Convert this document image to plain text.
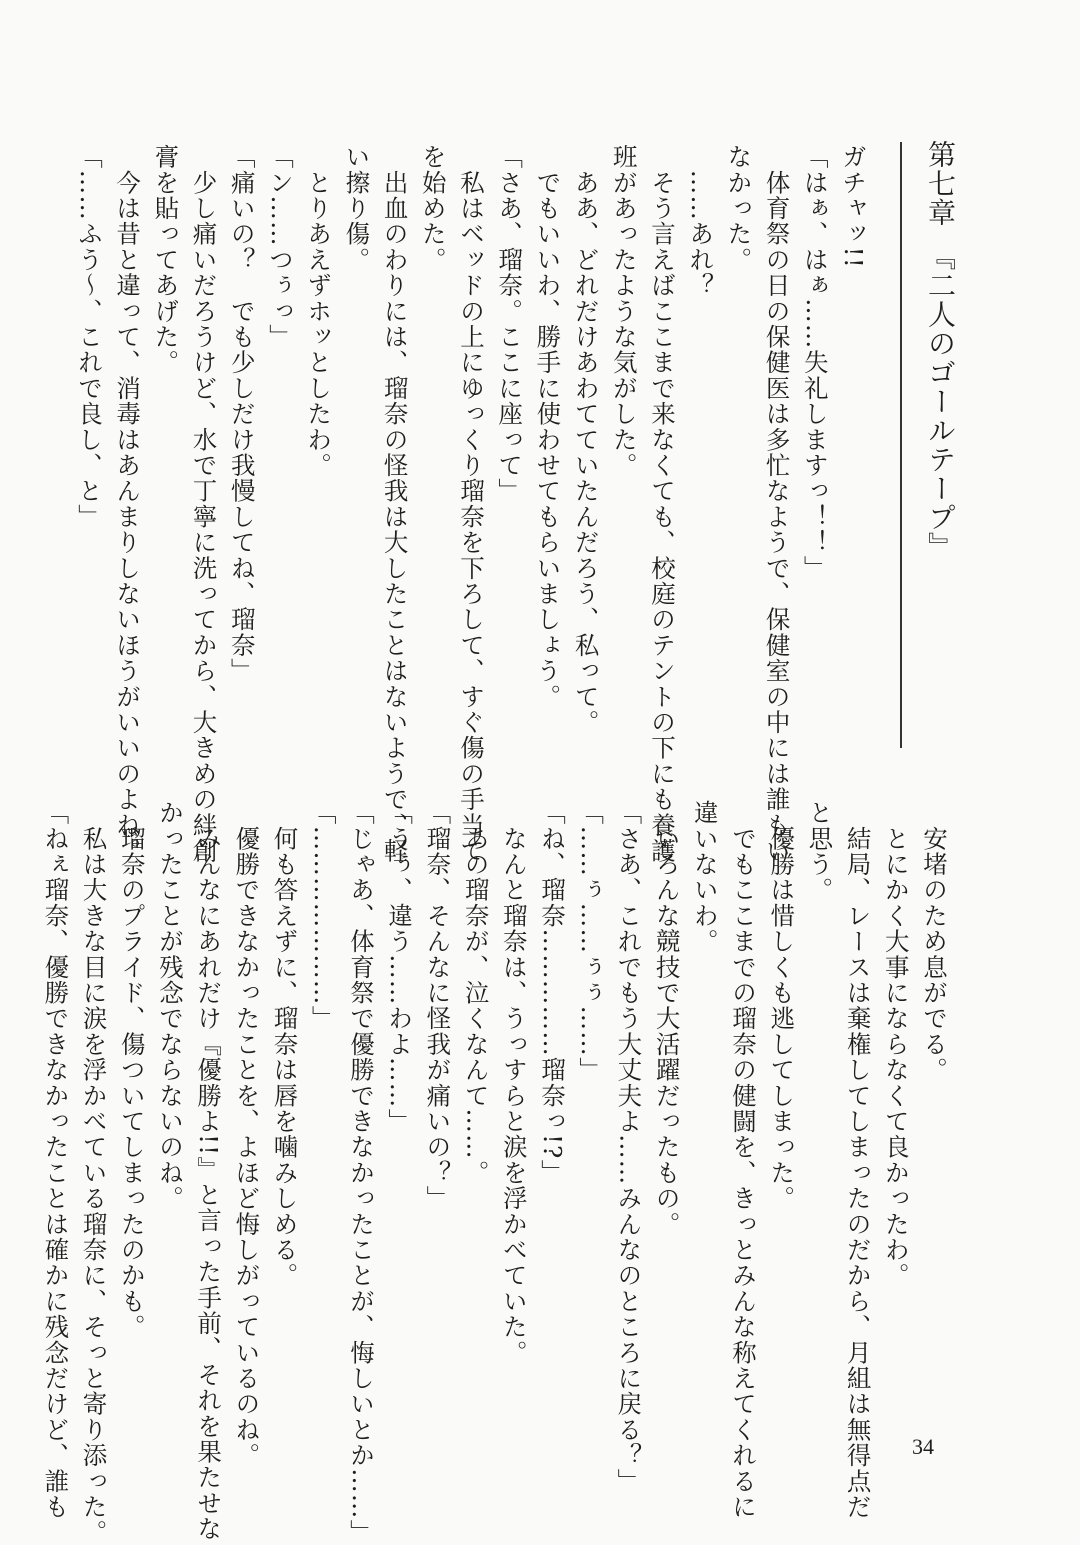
第七章　『二人のゴールテープ』
ガチャッ!!
「はぁ、はぁ……失礼しますっ！！」
　体育祭の日の保健医は多忙なようで、保健室の中には誰もい
なかった。
　……あれ？
　そう言えばここまで来なくても、校庭のテントの下にも養護
班があったような気がした。
　ああ、どれだけあわてていたんだろう、私って。
　でもいいわ、勝手に使わせてもらいましょう。
「さあ、瑠奈。ここに座って」
　私はベッドの上にゆっくり瑠奈を下ろして、すぐ傷の手当て
を始めた。
　出血のわりには、瑠奈の怪我は大したことはないようで、軽
い擦り傷。
　とりあえずホッとしたわ。
「ン……つぅっ」
「痛いの？　でも少しだけ我慢してね、瑠奈」
　少し痛いだろうけど、水で丁寧に洗ってから、大きめの絆創
膏を貼ってあげた。
　今は昔と違って、消毒はあんまりしないほうがいいのよね。
「……ふう〜、これで良し、と」
　安堵のため息がでる。
　とにかく大事にならなくて良かったわ。
　結局、レースは棄権してしまったのだから、月組は無得点だ
と思う。
　優勝は惜しくも逃してしまった。
　でもここまでの瑠奈の健闘を、きっとみんな称えてくれるに
違いないわ。
　いろんな競技で大活躍だったもの。
「さあ、これでもう大丈夫よ……みんなのところに戻る？」
「……ぅ……ぅぅ……」
「ね、瑠奈……………瑠奈っ!?」
　なんと瑠奈は、うっすらと涙を浮かべていた。
　あの瑠奈が、泣くなんて……。
「瑠奈、そんなに怪我が痛いの？」
「うぅ、違う……わよ……」
「じゃあ、体育祭で優勝できなかったことが、悔しいとか……」
「…………………」
　何も答えずに、瑠奈は唇を噛みしめる。
　優勝できなかったことを、よほど悔しがっているのね。
　みんなにあれだけ『優勝よ!!』と言った手前、それを果たせな
かったことが残念でならないのね。
　瑠奈のプライド、傷ついてしまったのかも。
　私は大きな目に涙を浮かべている瑠奈に、そっと寄り添った。
「ねぇ瑠奈、優勝できなかったことは確かに残念だけど、誰も	34
